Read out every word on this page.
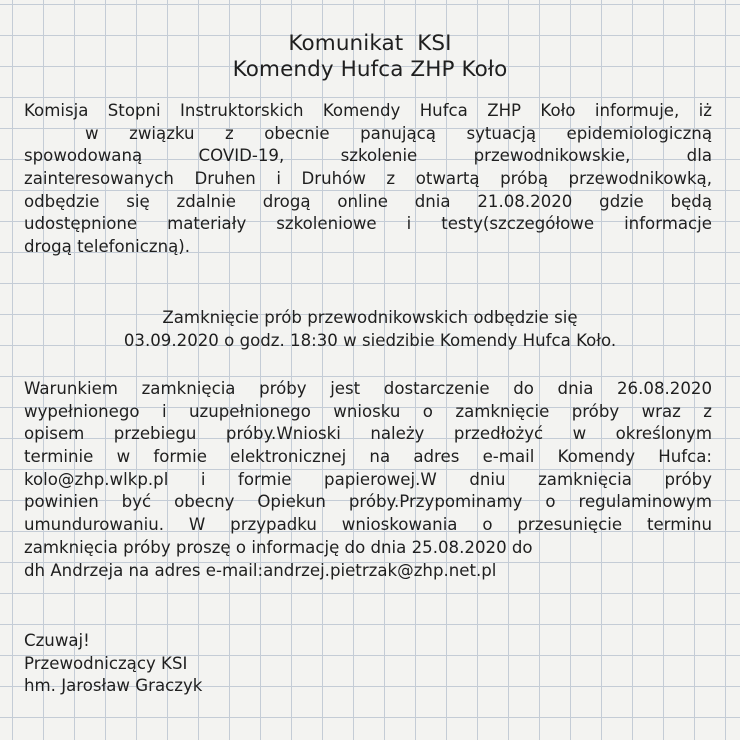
Komunikat  KSI
Komendy Hufca ZHP Koło
Komisja Stopni Instruktorskich Komendy Hufca ZHP Koło informuje, iż
w związku z obecnie panującą sytuacją epidemiologiczną
spowodowaną COVID-19, szkolenie przewodnikowskie, dla
zainteresowanych Druhen i Druhów z otwartą próbą przewodnikowką,
odbędzie się zdalnie drogą online dnia 21.08.2020 gdzie będą
udostępnione materiały szkoleniowe i testy(szczegółowe informacje
drogą telefoniczną).
Zamknięcie prób przewodnikowskich odbędzie się
03.09.2020 o godz. 18:30 w siedzibie Komendy Hufca Koło.
Warunkiem zamknięcia próby jest dostarczenie do dnia 26.08.2020
wypełnionego i uzupełnionego wniosku o zamknięcie próby wraz z
opisem przebiegu próby.Wnioski należy przedłożyć w określonym
terminie w formie elektronicznej na adres e-mail Komendy Hufca:
kolo@zhp.wlkp.pl i formie papierowej.W dniu zamknięcia próby
powinien być obecny Opiekun próby.Przypominamy o regulaminowym
umundurowaniu. W przypadku wnioskowania o przesunięcie terminu
zamknięcia próby proszę o informację do dnia 25.08.2020 do
dh Andrzeja na adres e-mail:andrzej.pietrzak@zhp.net.pl
Czuwaj!
Przewodniczący KSI
hm. Jarosław Graczyk
